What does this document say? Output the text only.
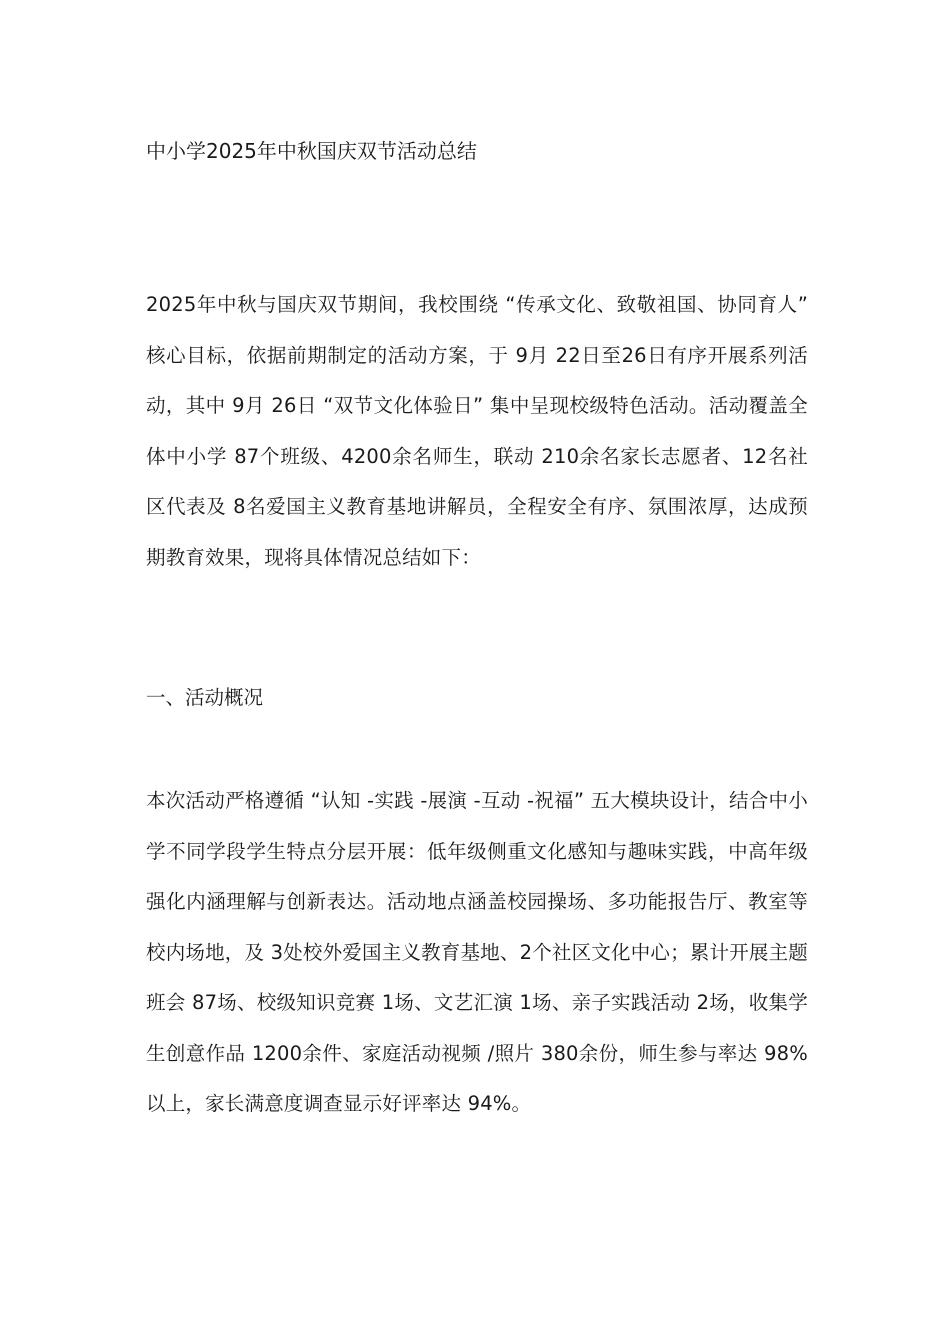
中小学2025年中秋国庆双节活动总结

2025年中秋与国庆双节期间，我校围绕 “传承文化、致敬祖国、协同育人” 核心目标，依据前期制定的活动方案，于 9月 22日至26日有序开展系列活动，其中 9月 26日 “双节文化体验日” 集中呈现校级特色活动。活动覆盖全体中小学 87个班级、4200余名师生，联动 210余名家长志愿者、12名社区代表及 8名爱国主义教育基地讲解员，全程安全有序、氛围浓厚，达成预期教育效果，现将具体情况总结如下：

一、活动概况

本次活动严格遵循 “认知 -实践 -展演 -互动 -祝福” 五大模块设计，结合中小学不同学段学生特点分层开展：低年级侧重文化感知与趣味实践，中高年级强化内涵理解与创新表达。活动地点涵盖校园操场、多功能报告厅、教室等校内场地，及 3处校外爱国主义教育基地、2个社区文化中心；累计开展主题班会 87场、校级知识竞赛 1场、文艺汇演 1场、亲子实践活动 2场，收集学生创意作品 1200余件、家庭活动视频 /照片 380余份，师生参与率达 98%以上，家长满意度调查显示好评率达 94%。
